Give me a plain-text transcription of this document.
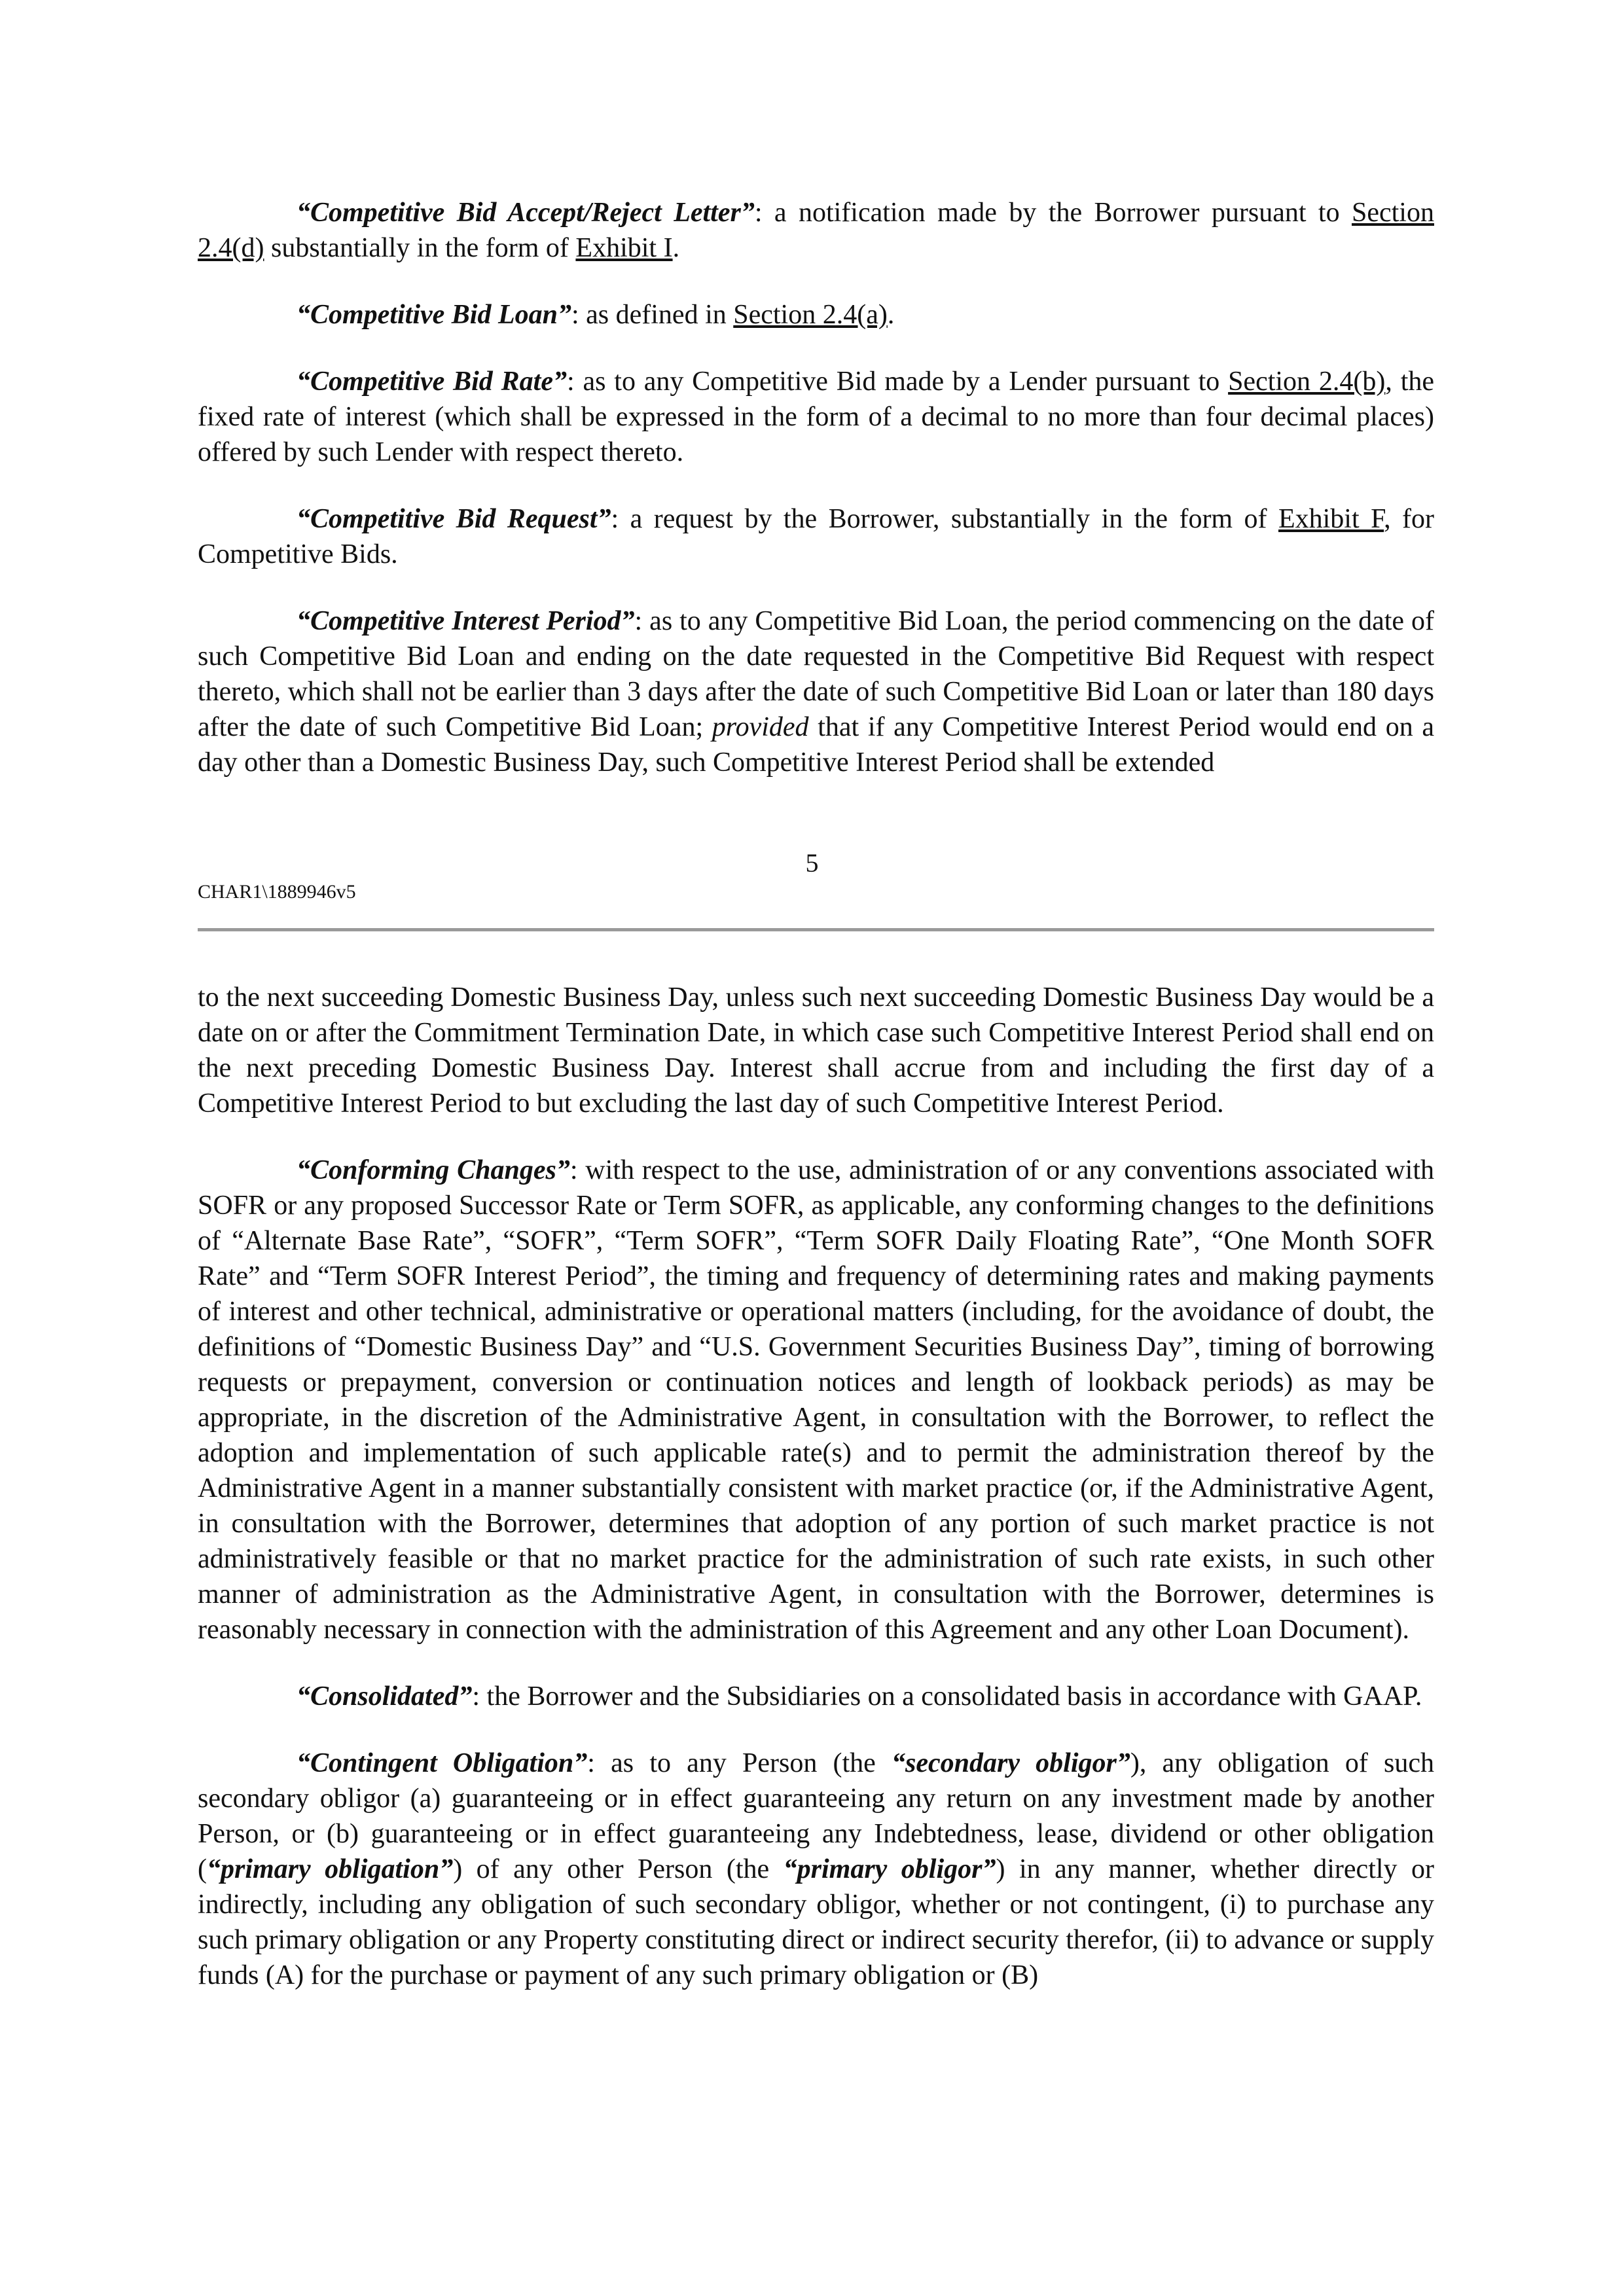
“Competitive Bid Accept/Reject Letter”: a notification made by the Borrower pursuant to Section 2.4(d) substantially in the form of Exhibit I.

“Competitive Bid Loan”: as defined in Section 2.4(a).

“Competitive Bid Rate”: as to any Competitive Bid made by a Lender pursuant to Section 2.4(b), the fixed rate of interest (which shall be expressed in the form of a decimal to no more than four decimal places) offered by such Lender with respect thereto.

“Competitive Bid Request”: a request by the Borrower, substantially in the form of Exhibit F, for Competitive Bids.

“Competitive Interest Period”: as to any Competitive Bid Loan, the period commencing on the date of such Competitive Bid Loan and ending on the date requested in the Competitive Bid Request with respect thereto, which shall not be earlier than 3 days after the date of such Competitive Bid Loan or later than 180 days after the date of such Competitive Bid Loan; provided that if any Competitive Interest Period would end on a day other than a Domestic Business Day, such Competitive Interest Period shall be extended

5
CHAR1\1889946v5

to the next succeeding Domestic Business Day, unless such next succeeding Domestic Business Day would be a date on or after the Commitment Termination Date, in which case such Competitive Interest Period shall end on the next preceding Domestic Business Day. Interest shall accrue from and including the first day of a Competitive Interest Period to but excluding the last day of such Competitive Interest Period.

“Conforming Changes”: with respect to the use, administration of or any conventions associated with SOFR or any proposed Successor Rate or Term SOFR, as applicable, any conforming changes to the definitions of “Alternate Base Rate”, “SOFR”, “Term SOFR”, “Term SOFR Daily Floating Rate”, “One Month SOFR Rate” and “Term SOFR Interest Period”, the timing and frequency of determining rates and making payments of interest and other technical, administrative or operational matters (including, for the avoidance of doubt, the definitions of “Domestic Business Day” and “U.S. Government Securities Business Day”, timing of borrowing requests or prepayment, conversion or continuation notices and length of lookback periods) as may be appropriate, in the discretion of the Administrative Agent, in consultation with the Borrower, to reflect the adoption and implementation of such applicable rate(s) and to permit the administration thereof by the Administrative Agent in a manner substantially consistent with market practice (or, if the Administrative Agent, in consultation with the Borrower, determines that adoption of any portion of such market practice is not administratively feasible or that no market practice for the administration of such rate exists, in such other manner of administration as the Administrative Agent, in consultation with the Borrower, determines is reasonably necessary in connection with the administration of this Agreement and any other Loan Document).

“Consolidated”: the Borrower and the Subsidiaries on a consolidated basis in accordance with GAAP.

“Contingent Obligation”: as to any Person (the “secondary obligor”), any obligation of such secondary obligor (a) guaranteeing or in effect guaranteeing any return on any investment made by another Person, or (b) guaranteeing or in effect guaranteeing any Indebtedness, lease, dividend or other obligation (“primary obligation”) of any other Person (the “primary obligor”) in any manner, whether directly or indirectly, including any obligation of such secondary obligor, whether or not contingent, (i) to purchase any such primary obligation or any Property constituting direct or indirect security therefor, (ii) to advance or supply funds (A) for the purchase or payment of any such primary obligation or (B)
